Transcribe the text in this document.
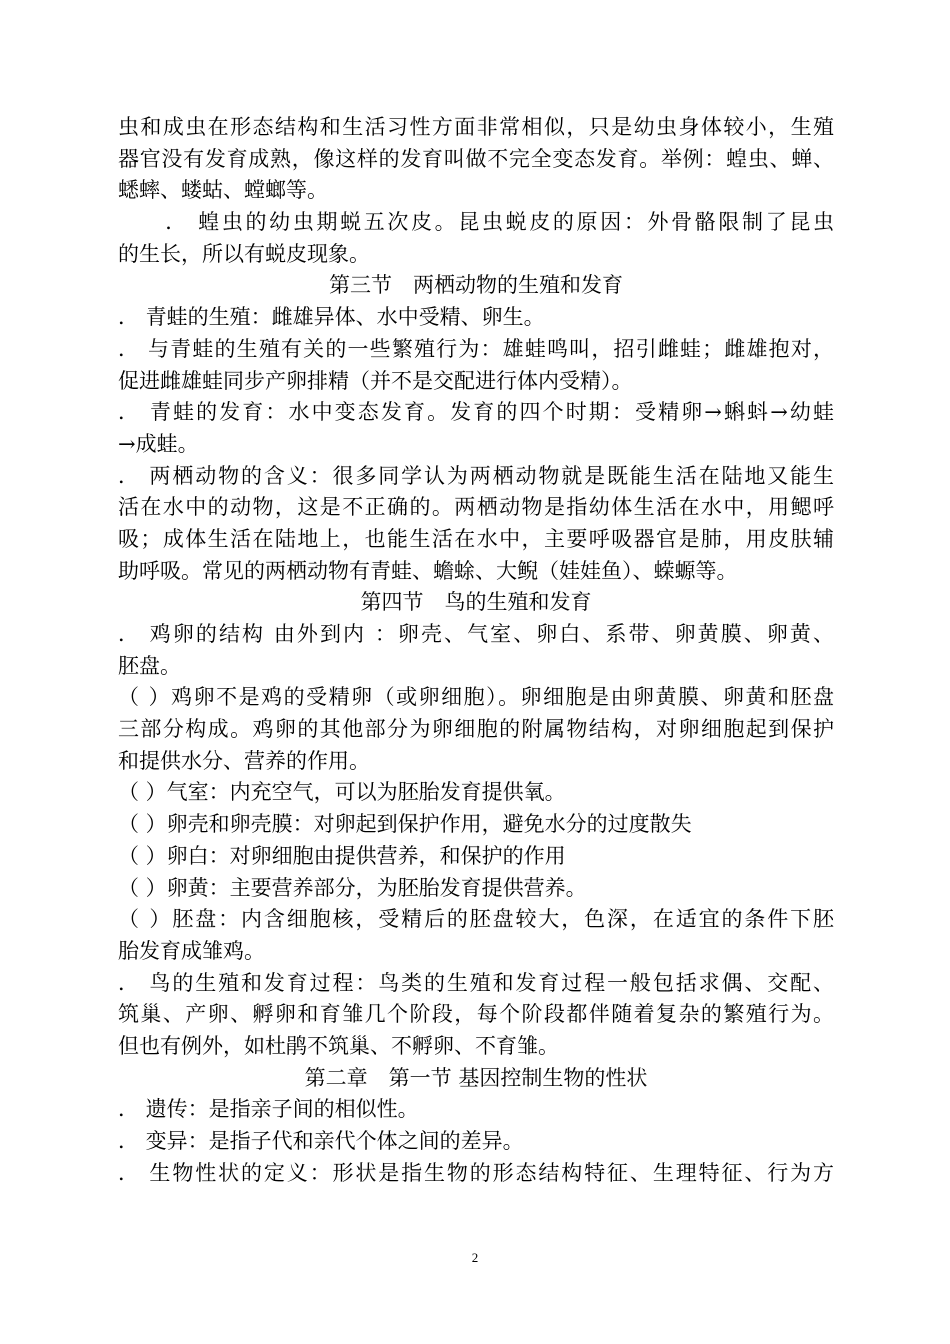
虫和成虫在形态结构和生活习性方面非常相似，只是幼虫身体较小，生殖
器官没有发育成熟，像这样的发育叫做不完全变态发育。举例：蝗虫、蝉、
蟋蟀、蝼蛄、螳螂等。
　　． 蝗虫的幼虫期蜕五次皮。昆虫蜕皮的原因：外骨骼限制了昆虫
的生长，所以有蜕皮现象。
第三节　两栖动物的生殖和发育
． 青蛙的生殖：雌雄异体、水中受精、卵生。
． 与青蛙的生殖有关的一些繁殖行为：雄蛙鸣叫，招引雌蛙；雌雄抱对，
促进雌雄蛙同步产卵排精（并不是交配进行体内受精）。
． 青蛙的发育：水中变态发育。发育的四个时期：受精卵→蝌蚪→幼蛙
→成蛙。
． 两栖动物的含义：很多同学认为两栖动物就是既能生活在陆地又能生
活在水中的动物，这是不正确的。两栖动物是指幼体生活在水中，用鳃呼
吸；成体生活在陆地上，也能生活在水中，主要呼吸器官是肺，用皮肤辅
助呼吸。常见的两栖动物有青蛙、蟾蜍、大鲵（娃娃鱼）、蝾螈等。
第四节　鸟的生殖和发育
． 鸡卵的结构 由外到内 ：卵壳、气室、卵白、系带、卵黄膜、卵黄、
胚盘。
（ ）鸡卵不是鸡的受精卵（或卵细胞）。卵细胞是由卵黄膜、卵黄和胚盘
三部分构成。鸡卵的其他部分为卵细胞的附属物结构，对卵细胞起到保护
和提供水分、营养的作用。
（ ）气室：内充空气，可以为胚胎发育提供氧。
（ ）卵壳和卵壳膜：对卵起到保护作用，避免水分的过度散失
（ ）卵白：对卵细胞由提供营养，和保护的作用
（ ）卵黄：主要营养部分，为胚胎发育提供营养。
（ ）胚盘：内含细胞核，受精后的胚盘较大，色深，在适宜的条件下胚
胎发育成雏鸡。
． 鸟的生殖和发育过程：鸟类的生殖和发育过程一般包括求偶、交配、
筑巢、产卵、孵卵和育雏几个阶段，每个阶段都伴随着复杂的繁殖行为。
但也有例外，如杜鹃不筑巢、不孵卵、不育雏。
第二章　第一节 基因控制生物的性状
． 遗传：是指亲子间的相似性。
． 变异：是指子代和亲代个体之间的差异。
． 生物性状的定义：形状是指生物的形态结构特征、生理特征、行为方
2
